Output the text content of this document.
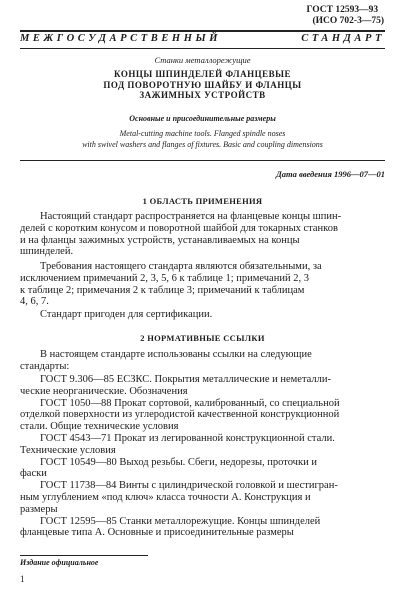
ГОСТ 12593—93
(ИСО 702-3—75)
МЕЖГОСУДАРСТВЕННЫЙ	СТАНДАРТ
Станки металлорежущие
КОНЦЫ ШПИНДЕЛЕЙ ФЛАНЦЕВЫЕ
ПОД ПОВОРОТНУЮ ШАЙБУ И ФЛАНЦЫ
ЗАЖИМНЫХ УСТРОЙСТВ
Основные и присоединительные размеры
Metal-cutting machine tools. Flanged spindle noses
with swivel washers and flanges of fixtures. Basic and coupling dimensions
Дата введения 1996—07—01
1 ОБЛАСТЬ ПРИМЕНЕНИЯ
Настоящий стандарт распространяется на фланцевые концы шпин-
делей с коротким конусом и поворотной шайбой для токарных станков
и на фланцы зажимных устройств, устанавливаемых на концы
шпинделей.
Требования настоящего стандарта являются обязательными, за
исключением примечаний 2, 3, 5, 6 к таблице 1; примечаний 2, 3
к таблице 2; примечания 2 к таблице 3; примечаний к таблицам
4, 6, 7.
Стандарт пригоден для сертификации.
2 НОРМАТИВНЫЕ ССЫЛКИ
В настоящем стандарте использованы ссылки на следующие
стандарты:
ГОСТ 9.306—85 ЕСЗКС. Покрытия металлические и неметалли-
ческие неорганические. Обозначения
ГОСТ 1050—88 Прокат сортовой, калиброванный, со специальной
отделкой поверхности из углеродистой качественной конструкционной
стали. Общие технические условия
ГОСТ 4543—71 Прокат из легированной конструкционной стали.
Технические условия
ГОСТ 10549—80 Выход резьбы. Сбеги, недорезы, проточки и
фаски
ГОСТ 11738—84 Винты с цилиндрической головкой и шестигран-
ным углублением «под ключ» класса точности А. Конструкция и
размеры
ГОСТ 12595—85 Станки металлорежущие. Концы шпинделей
фланцевые типа А. Основные и присоединительные размеры
Издание официальное
1
